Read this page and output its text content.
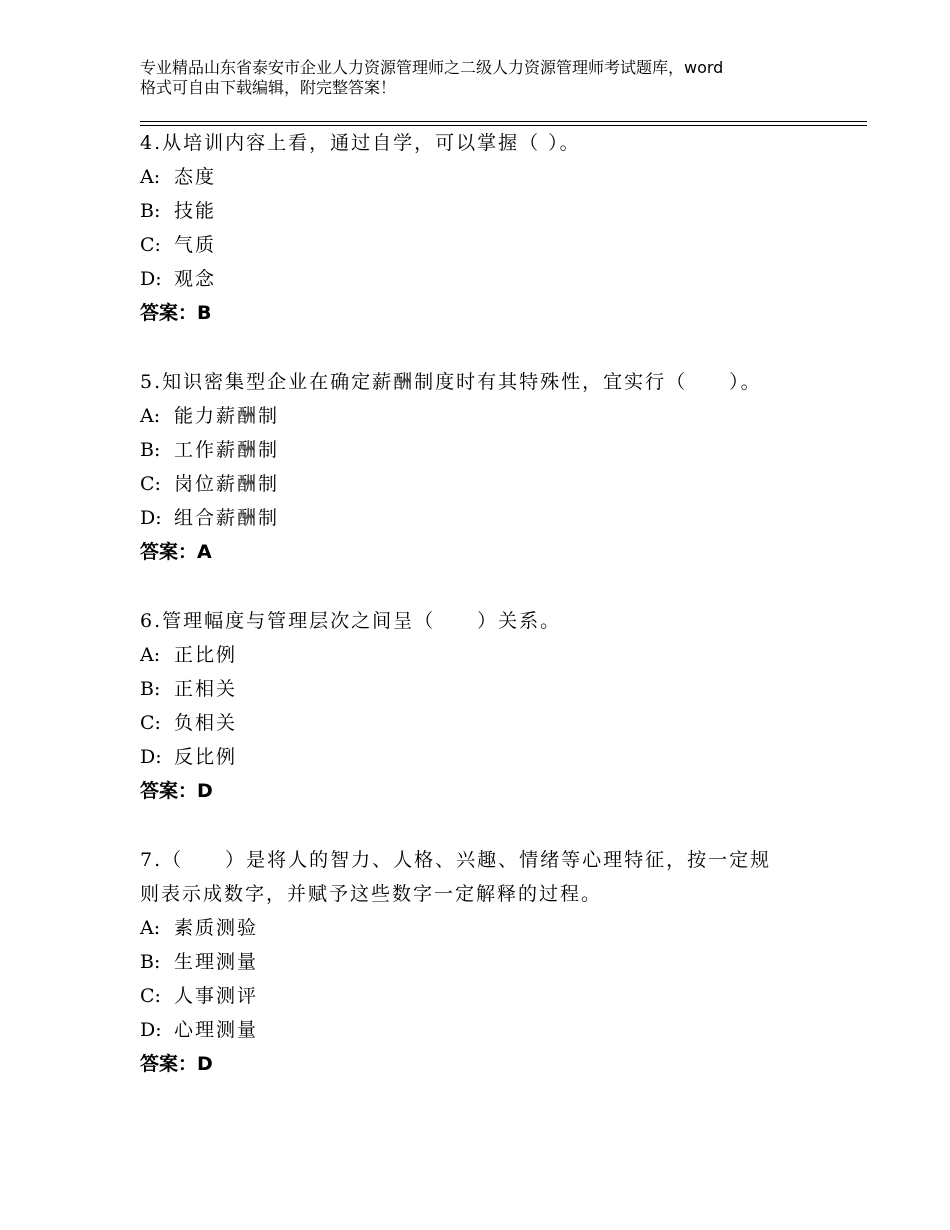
专业精品山东省泰安市企业人力资源管理师之二级人力资源管理师考试题库，word
格式可自由下载编辑，附完整答案！
4.从培训内容上看，通过自学，可以掌握（ ）。
A: 态度
B: 技能
C: 气质
D: 观念
答案：B
5.知识密集型企业在确定薪酬制度时有其特殊性，宜实行（　　）。
A: 能力薪酬制
B: 工作薪酬制
C: 岗位薪酬制
D: 组合薪酬制
答案：A
6.管理幅度与管理层次之间呈（　　）关系。
A: 正比例
B: 正相关
C: 负相关
D: 反比例
答案：D
7.（　　）是将人的智力、人格、兴趣、情绪等心理特征，按一定规
则表示成数字，并赋予这些数字一定解释的过程。
A: 素质测验
B: 生理测量
C: 人事测评
D: 心理测量
答案：D
